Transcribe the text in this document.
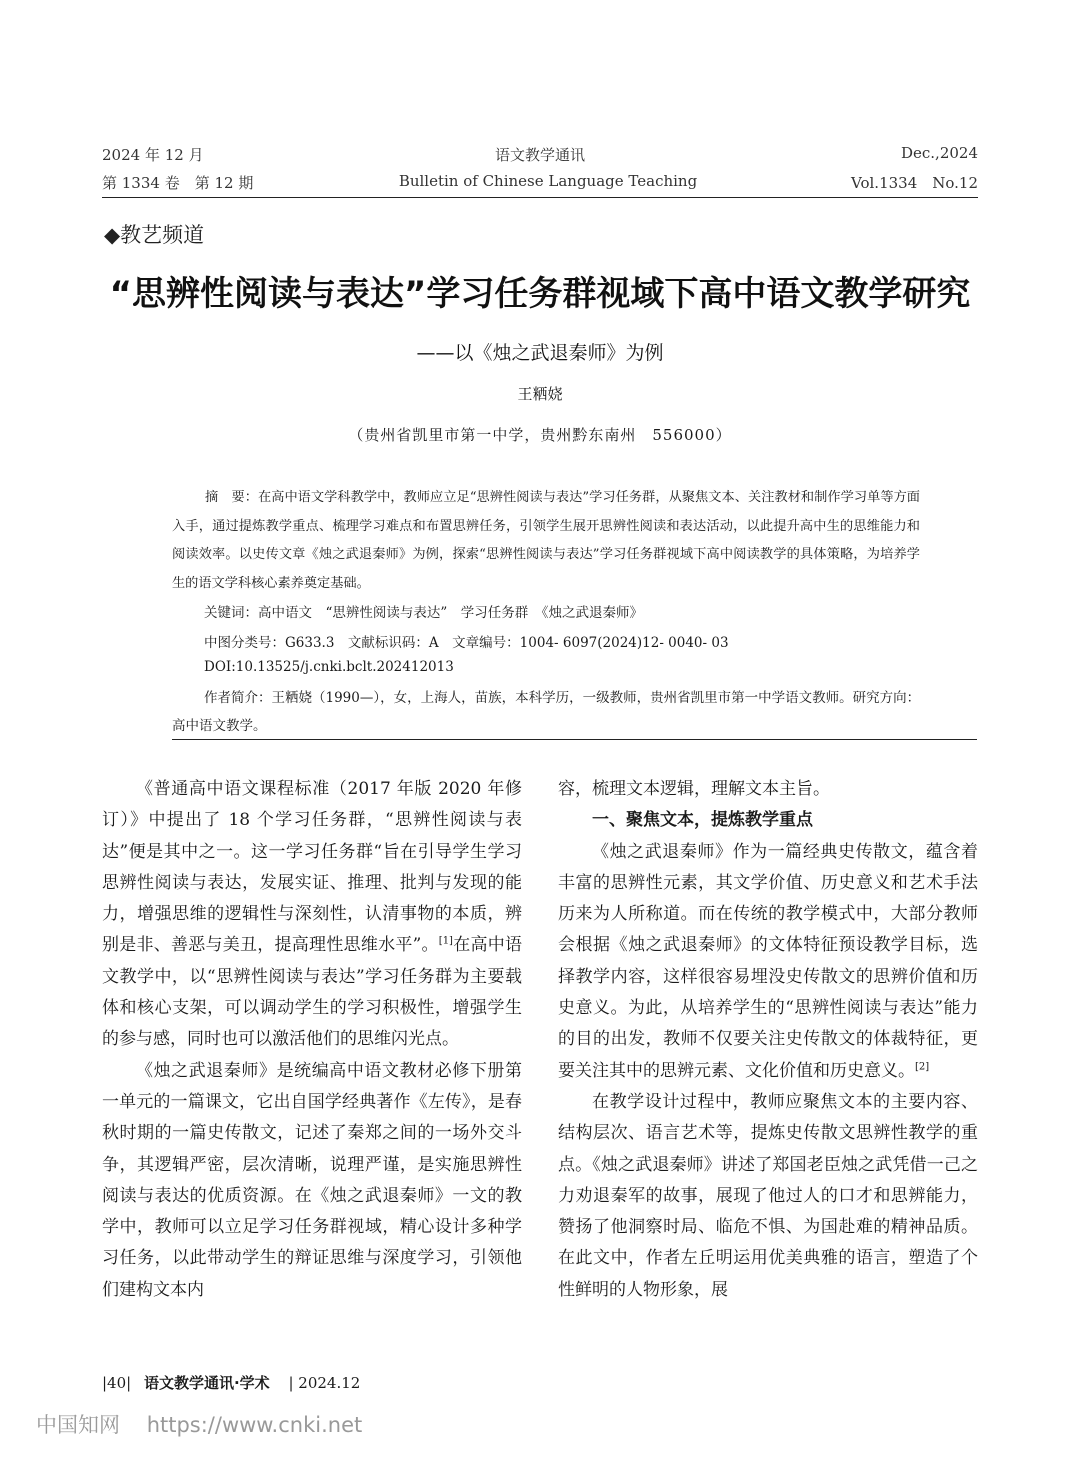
2024 年 12 月
第 1334 卷　第 12 期
语文教学通讯
Bulletin of Chinese Language Teaching
Dec.,2024
Vol.1334　No.12
◆教艺频道
“思辨性阅读与表达”学习任务群视域下高中语文教学研究
——以《烛之武退秦师》为例
王粞娆
（贵州省凯里市第一中学，贵州黔东南州　556000）
摘　要：在高中语文学科教学中，教师应立足“思辨性阅读与表达”学习任务群，从聚焦文本、关注教材和制作学习单等方面入手，通过提炼教学重点、梳理学习难点和布置思辨任务，引领学生展开思辨性阅读和表达活动，以此提升高中生的思维能力和阅读效率。以史传文章《烛之武退秦师》为例，探索“思辨性阅读与表达”学习任务群视域下高中阅读教学的具体策略，为培养学生的语文学科核心素养奠定基础。
关键词：高中语文　“思辨性阅读与表达”　学习任务群　《烛之武退秦师》
中图分类号：G633.3　文献标识码：A　文章编号：1004- 6097(2024)12- 0040- 03
DOI:10.13525/j.cnki.bclt.202412013
作者简介：王粞娆（1990—），女，上海人，苗族，本科学历，一级教师，贵州省凯里市第一中学语文教师。研究方向：高中语文教学。

《普通高中语文课程标准（2017 年版 2020 年修订）》中提出了 18 个学习任务群，“思辨性阅读与表达”便是其中之一。这一学习任务群“旨在引导学生学习思辨性阅读与表达，发展实证、推理、批判与发现的能力，增强思维的逻辑性与深刻性，认清事物的本质，辨别是非、善恶与美丑，提高理性思维水平”。[1]在高中语文教学中，以“思辨性阅读与表达”学习任务群为主要载体和核心支架，可以调动学生的学习积极性，增强学生的参与感，同时也可以激活他们的思维闪光点。

《烛之武退秦师》是统编高中语文教材必修下册第一单元的一篇课文，它出自国学经典著作《左传》，是春秋时期的一篇史传散文，记述了秦郑之间的一场外交斗争，其逻辑严密，层次清晰，说理严谨，是实施思辨性阅读与表达的优质资源。在《烛之武退秦师》一文的教学中，教师可以立足学习任务群视域，精心设计多种学习任务，以此带动学生的辩证思维与深度学习，引领他们建构文本内

容，梳理文本逻辑，理解文本主旨。

一、聚焦文本，提炼教学重点

《烛之武退秦师》作为一篇经典史传散文，蕴含着丰富的思辨性元素，其文学价值、历史意义和艺术手法历来为人所称道。而在传统的教学模式中，大部分教师会根据《烛之武退秦师》的文体特征预设教学目标，选择教学内容，这样很容易埋没史传散文的思辨价值和历史意义。为此，从培养学生的“思辨性阅读与表达”能力的目的出发，教师不仅要关注史传散文的体裁特征，更要关注其中的思辨元素、文化价值和历史意义。[2]

在教学设计过程中，教师应聚焦文本的主要内容、结构层次、语言艺术等，提炼史传散文思辨性教学的重点。《烛之武退秦师》讲述了郑国老臣烛之武凭借一己之力劝退秦军的故事，展现了他过人的口才和思辨能力，赞扬了他洞察时局、临危不惧、为国赴难的精神品质。在此文中，作者左丘明运用优美典雅的语言，塑造了个性鲜明的人物形象，展

|40| 语文教学通讯·学术 | 2024.12
中国知网 https://www.cnki.net
